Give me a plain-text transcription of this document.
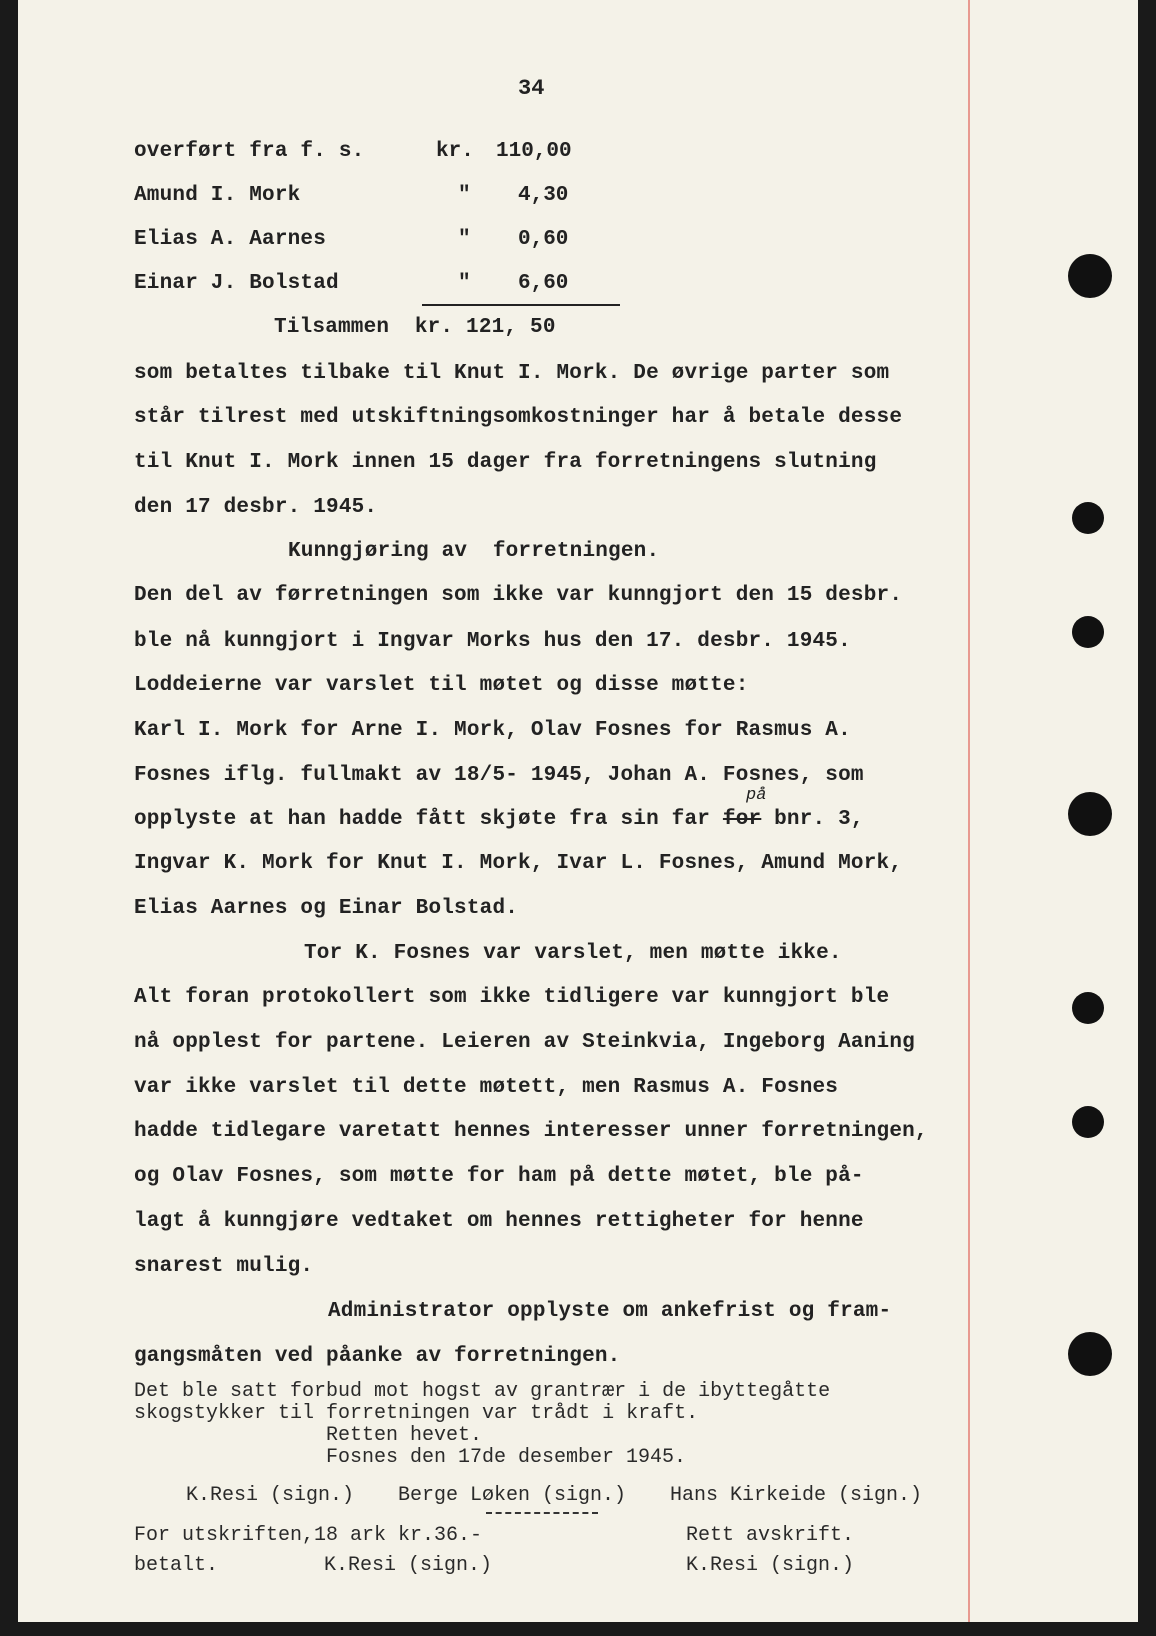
34
overført fra f. s.	kr. 110,00
Amund I. Mork	" 4,30
Elias A. Aarnes	" 0,60
Einar J. Bolstad	" 6,60
Tilsammen  kr. 121, 50
som betaltes tilbake til Knut I. Mork. De øvrige parter som
står tilrest med utskiftningsomkostninger har å betale desse
til Knut I. Mork innen 15 dager fra forretningens slutning
den 17 desbr. 1945.
Kunngjøring av  forretningen.
Den del av førretningen som ikke var kunngjort den 15 desbr.
ble nå kunngjort i Ingvar Morks hus den 17. desbr. 1945.
Loddeierne var varslet til møtet og disse møtte:
Karl I. Mork for Arne I. Mork, Olav Fosnes for Rasmus A.
Fosnes iflg. fullmakt av 18/5- 1945, Johan A. Fosnes, som
opplyste at han hadde fått skjøte fra sin far for bnr. 3,
på
Ingvar K. Mork for Knut I. Mork, Ivar L. Fosnes, Amund Mork,
Elias Aarnes og Einar Bolstad.
Tor K. Fosnes var varslet, men møtte ikke.
Alt foran protokollert som ikke tidligere var kunngjort ble
nå opplest for partene. Leieren av Steinkvia, Ingeborg Aaning
var ikke varslet til dette møtett, men Rasmus A. Fosnes
hadde tidlegare varetatt hennes interesser unner forretningen,
og Olav Fosnes, som møtte for ham på dette møtet, ble på-
lagt å kunngjøre vedtaket om hennes rettigheter for henne
snarest mulig.
Administrator opplyste om ankefrist og fram-
gangsmåten ved påanke av forretningen.
Det ble satt forbud mot hogst av grantrær i de ibyttegåtte
skogstykker til forretningen var trådt i kraft.
Retten hevet.
Fosnes den 17de desember 1945.
K.Resi (sign.) Berge Løken (sign.) Hans Kirkeide (sign.)
For utskriften,18 ark kr.36.-	Rett avskrift.
betalt.	K.Resi (sign.)	K.Resi (sign.)
